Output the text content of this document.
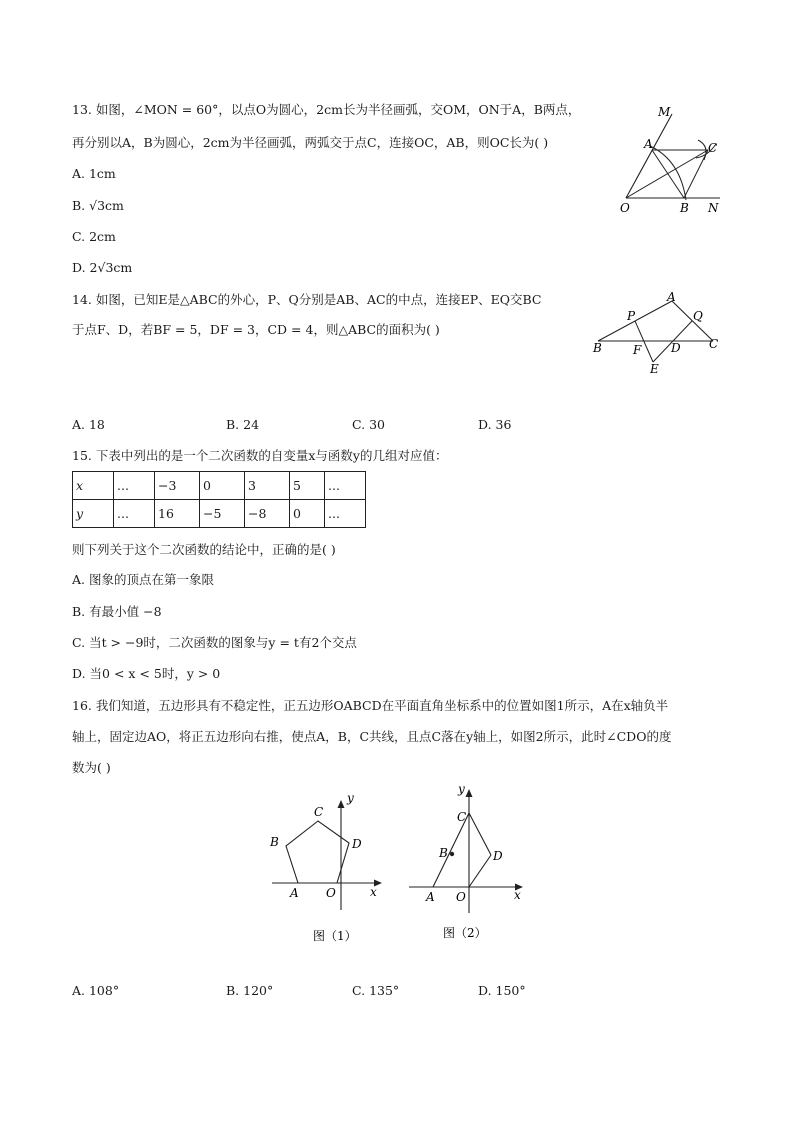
13. 如图，∠MON = 60°，以点O为圆心，2cm长为半径画弧，交OM，ON于A，B两点，
再分别以A，B为圆心，2cm为半径画弧，两弧交于点C，连接OC，AB，则OC长为( )
A. 1cm
B. √3cm
C. 2cm
D. 2√3cm
M
A	C
O	B N
14. 如图，已知E是△ABC的外心，P、Q分别是AB、AC的中点，连接EP、EQ交BC
于点F、D，若BF = 5，DF = 3，CD = 4，则△ABC的面积为( )
A
P	Q
B	F D C
E
A. 18	B. 24	C. 30	D. 36
15. 下表中列出的是一个二次函数的自变量x与函数y的几组对应值：
x	...	−3	0	3	5	...
y	...	16	−5	−8	0	...
则下列关于这个二次函数的结论中，正确的是( )
A. 图象的顶点在第一象限
B. 有最小值 −8
C. 当t > −9时，二次函数的图象与y = t有2个交点
D. 当0 < x < 5时，y > 0
16. 我们知道，五边形具有不稳定性，正五边形OABCD在平面直角坐标系中的位置如图1所示，A在x轴负半
轴上，固定边AO，将正五边形向右推，使点A，B，C共线，且点C落在y轴上，如图2所示，此时∠CDO的度
数为( )
C
y
B	D
A O	x
图（1）
y
C
B	D
A O	x
图（2）
A. 108°	B. 120°	C. 135°	D. 150°
